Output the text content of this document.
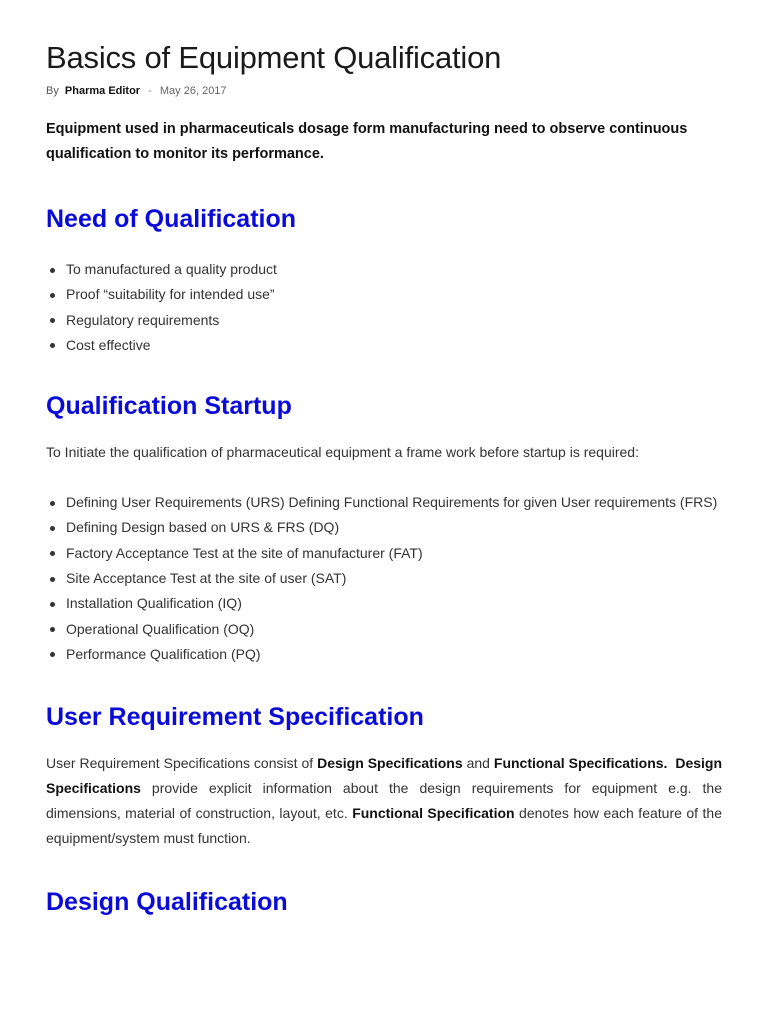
Basics of Equipment Qualification
By Pharma Editor - May 26, 2017

Equipment used in pharmaceuticals dosage form manufacturing need to observe continuous qualification to monitor its performance.

Need of Qualification
To manufactured a quality product
Proof “suitability for intended use”
Regulatory requirements
Cost effective
Qualification Startup

To Initiate the qualification of pharmaceutical equipment a frame work before startup is required:

Defining User Requirements (URS) Defining Functional Requirements for given User requirements (FRS)
Defining Design based on URS & FRS (DQ)
Factory Acceptance Test at the site of manufacturer (FAT)
Site Acceptance Test at the site of user (SAT)
Installation Qualification (IQ)
Operational Qualification (OQ)
Performance Qualification (PQ)
User Requirement Specification

User Requirement Specifications consist of Design Specifications and Functional Specifications. Design Specifications provide explicit information about the design requirements for equipment e.g. the dimensions, material of construction, layout, etc. Functional Specification denotes how each feature of the equipment/system must function.

Design Qualification
